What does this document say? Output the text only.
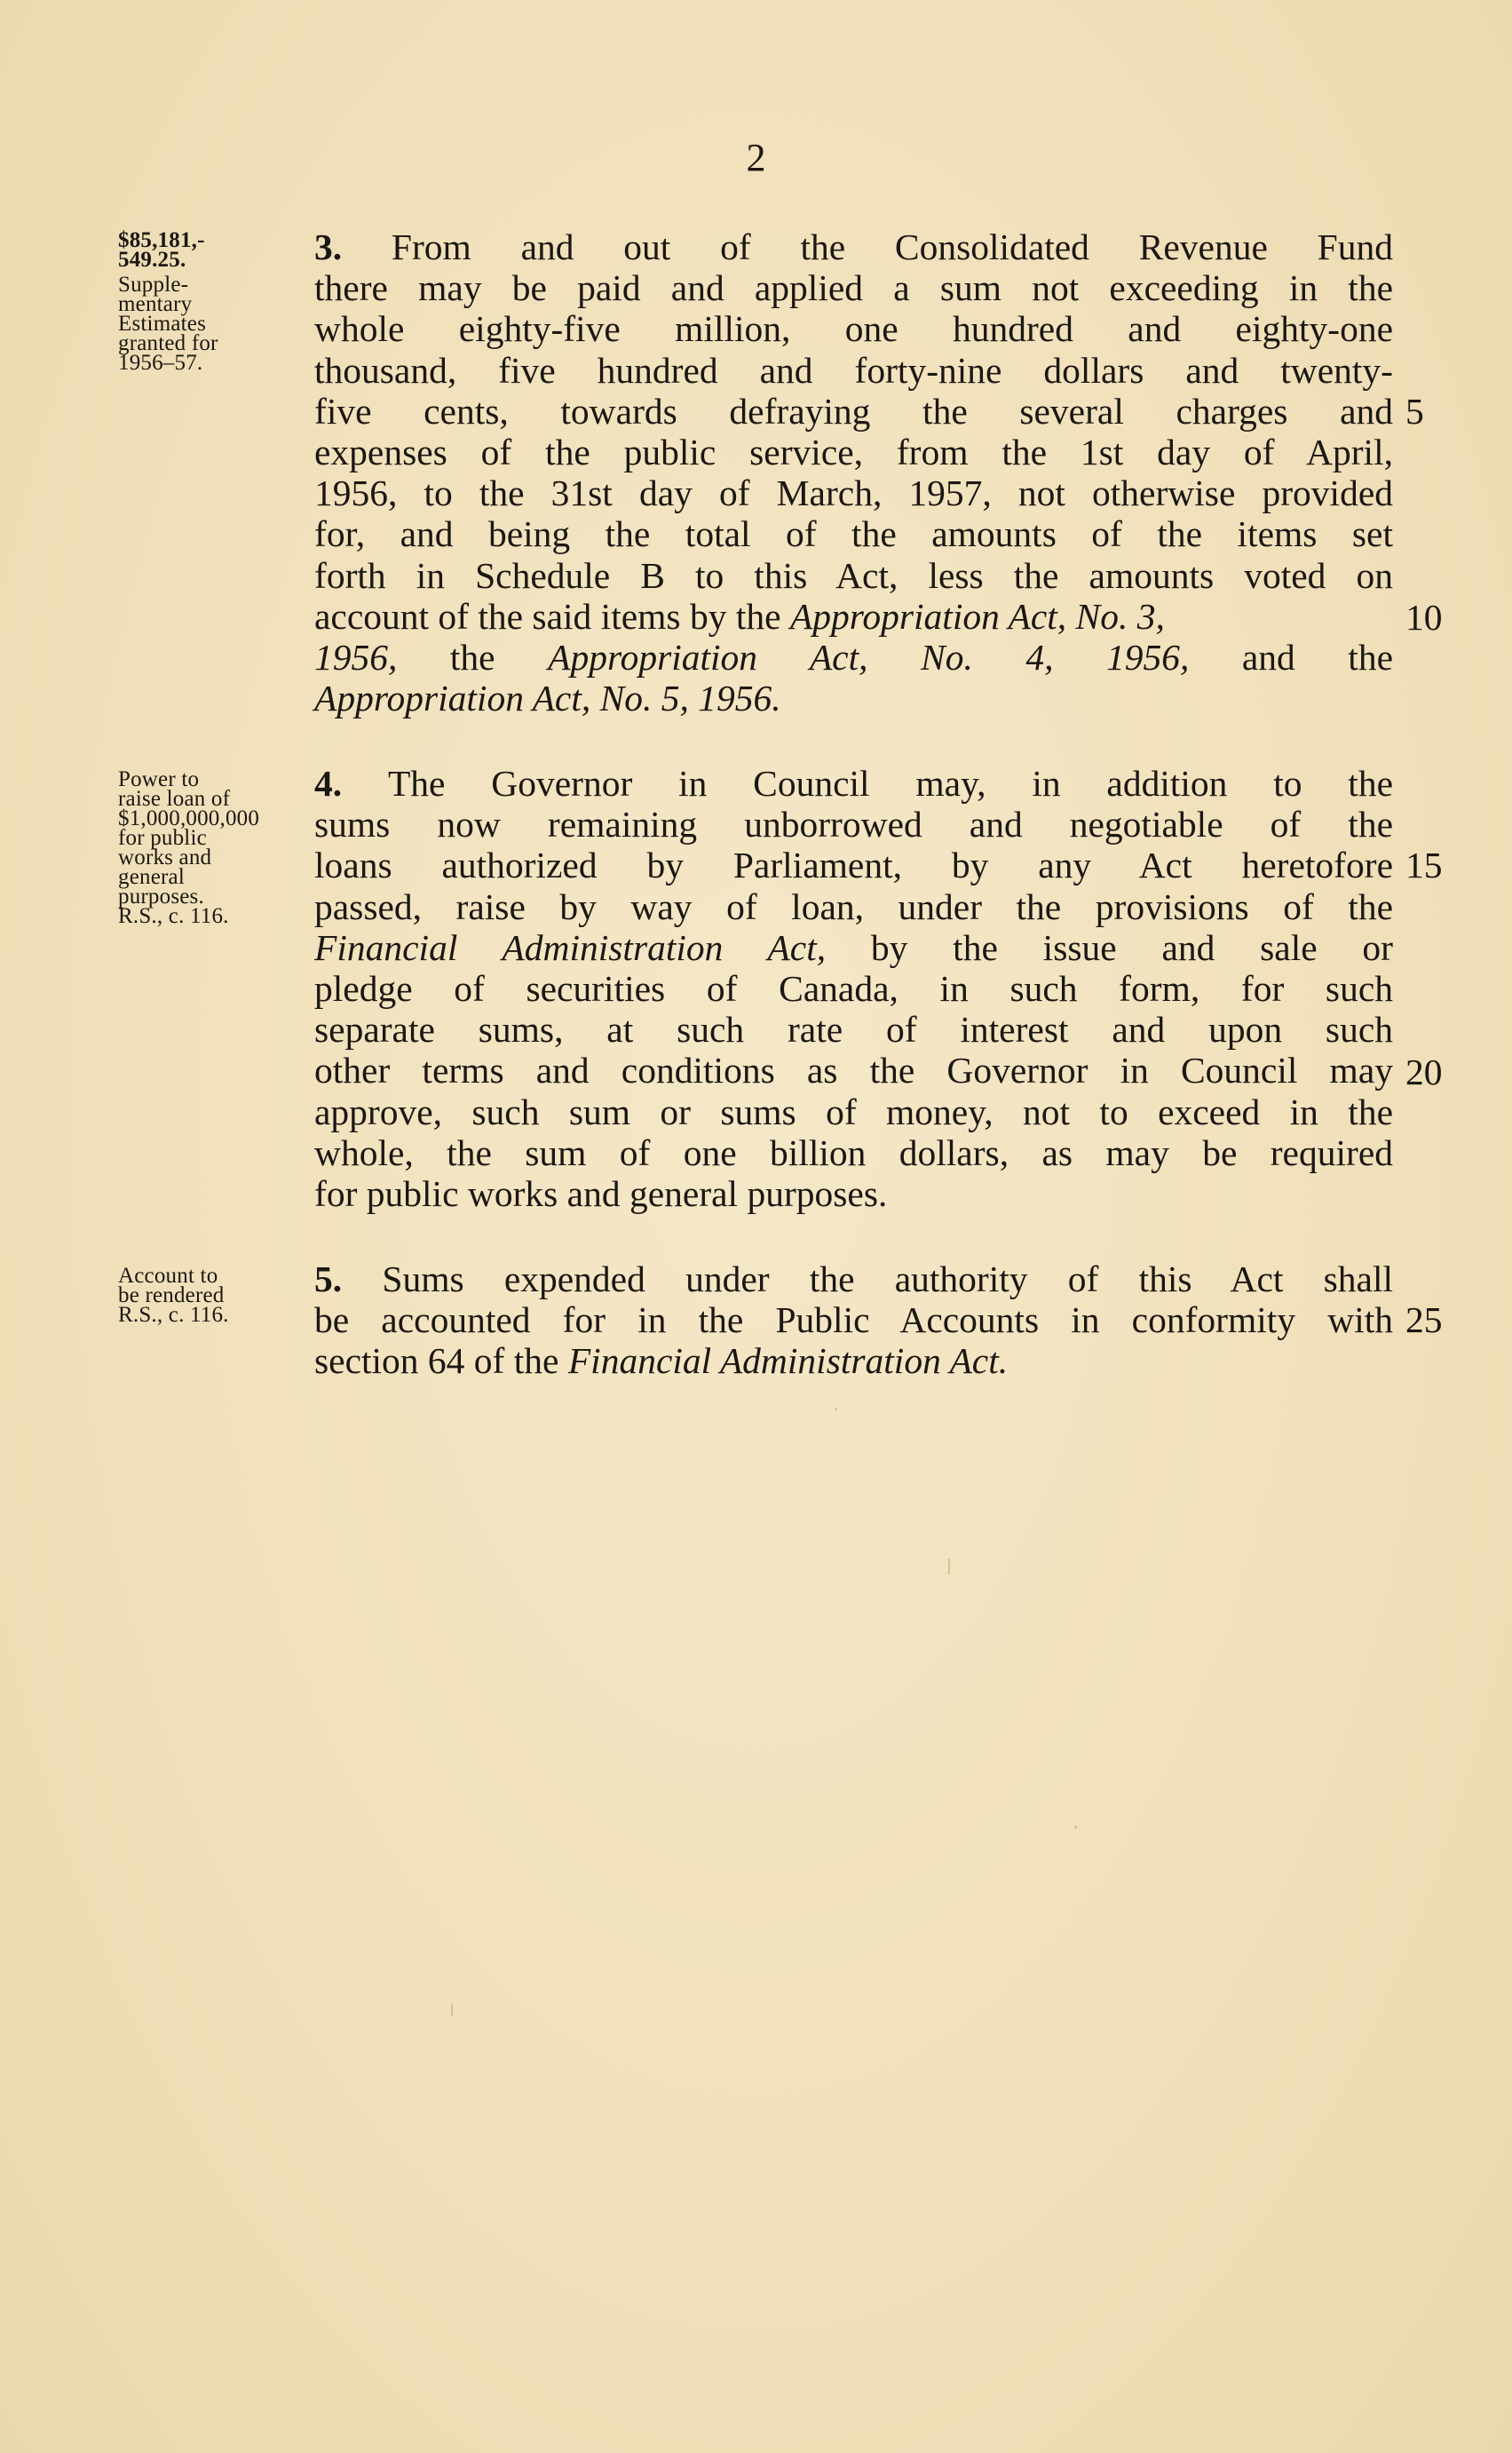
2
$85,181,-
549.25.
Supple-
mentary
Estimates
granted for
1956–57.
3. From and out of the Consolidated Revenue Fund
there may be paid and applied a sum not exceeding in the
whole eighty-five million, one hundred and eighty-one
thousand, five hundred and forty-nine dollars and twenty-
five cents, towards defraying the several charges and
expenses of the public service, from the 1st day of April,
1956, to the 31st day of March, 1957, not otherwise provided
for, and being the total of the amounts of the items set
forth in Schedule B to this Act, less the amounts voted on
account of the said items by the Appropriation Act, No. 3,
1956, the Appropriation Act, No. 4, 1956, and the
Appropriation Act, No. 5, 1956.
Power to
raise loan of
$1,000,000,000
for public
works and
general
purposes.
R.S., c. 116.
4. The Governor in Council may, in addition to the
sums now remaining unborrowed and negotiable of the
loans authorized by Parliament, by any Act heretofore
passed, raise by way of loan, under the provisions of the
Financial Administration Act, by the issue and sale or
pledge of securities of Canada, in such form, for such
separate sums, at such rate of interest and upon such
other terms and conditions as the Governor in Council may
approve, such sum or sums of money, not to exceed in the
whole, the sum of one billion dollars, as may be required
for public works and general purposes.
Account to
be rendered
R.S., c. 116.
5. Sums expended under the authority of this Act shall
be accounted for in the Public Accounts in conformity with
section 64 of the Financial Administration Act.
5
10
15
20
25
